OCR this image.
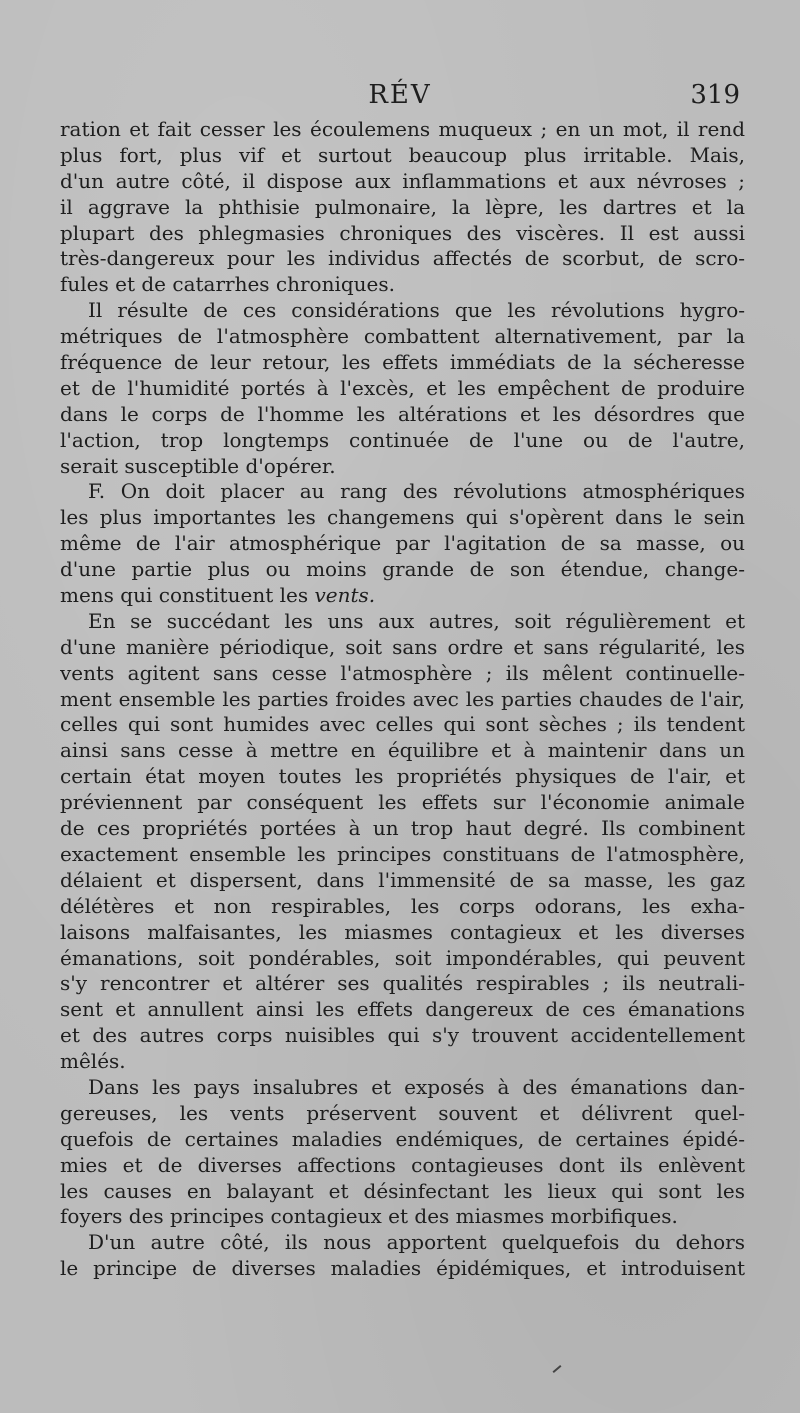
RÉV	319
ration et fait cesser les écoulemens muqueux ; en un mot, il rend
plus fort, plus vif et surtout beaucoup plus irritable. Mais,
d'un autre côté, il dispose aux inflammations et aux névroses ;
il aggrave la phthisie pulmonaire, la lèpre, les dartres et la
plupart des phlegmasies chroniques des viscères. Il est aussi
très-dangereux pour les individus affectés de scorbut, de scro-
fules et de catarrhes chroniques.
Il résulte de ces considérations que les révolutions hygro-
métriques de l'atmosphère combattent alternativement, par la
fréquence de leur retour, les effets immédiats de la sécheresse
et de l'humidité portés à l'excès, et les empêchent de produire
dans le corps de l'homme les altérations et les désordres que
l'action, trop longtemps continuée de l'une ou de l'autre,
serait susceptible d'opérer.
F. On doit placer au rang des révolutions atmosphériques
les plus importantes les changemens qui s'opèrent dans le sein
même de l'air atmosphérique par l'agitation de sa masse, ou
d'une partie plus ou moins grande de son étendue, change-
mens qui constituent les vents.
En se succédant les uns aux autres, soit régulièrement et
d'une manière périodique, soit sans ordre et sans régularité, les
vents agitent sans cesse l'atmosphère ; ils mêlent continuelle-
ment ensemble les parties froides avec les parties chaudes de l'air,
celles qui sont humides avec celles qui sont sèches ; ils tendent
ainsi sans cesse à mettre en équilibre et à maintenir dans un
certain état moyen toutes les propriétés physiques de l'air, et
préviennent par conséquent les effets sur l'économie animale
de ces propriétés portées à un trop haut degré. Ils combinent
exactement ensemble les principes constituans de l'atmosphère,
délaient et dispersent, dans l'immensité de sa masse, les gaz
délétères et non respirables, les corps odorans, les exha-
laisons malfaisantes, les miasmes contagieux et les diverses
émanations, soit pondérables, soit impondérables, qui peuvent
s'y rencontrer et altérer ses qualités respirables ; ils neutrali-
sent et annullent ainsi les effets dangereux de ces émanations
et des autres corps nuisibles qui s'y trouvent accidentellement
mêlés.
Dans les pays insalubres et exposés à des émanations dan-
gereuses, les vents préservent souvent et délivrent quel-
quefois de certaines maladies endémiques, de certaines épidé-
mies et de diverses affections contagieuses dont ils enlèvent
les causes en balayant et désinfectant les lieux qui sont les
foyers des principes contagieux et des miasmes morbifiques.
D'un autre côté, ils nous apportent quelquefois du dehors
le principe de diverses maladies épidémiques, et introduisent
